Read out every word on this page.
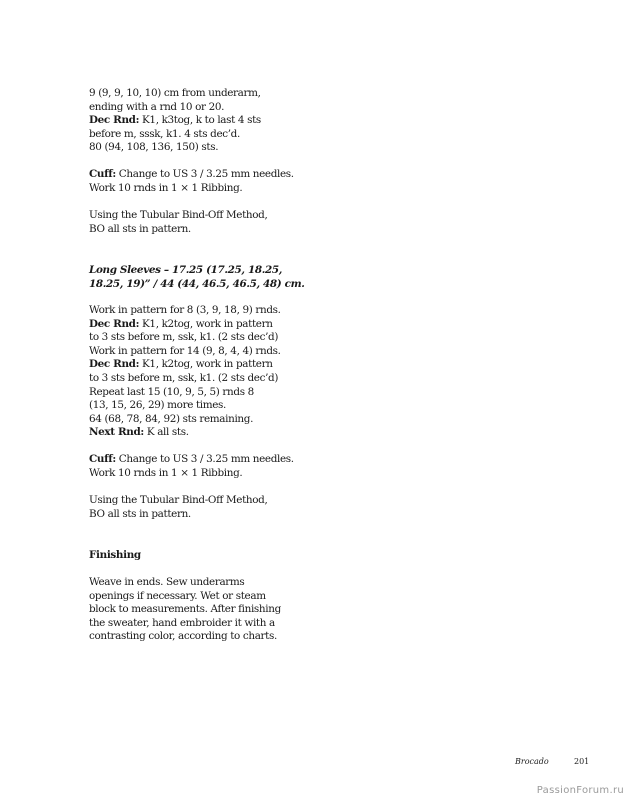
9 (9, 9, 10, 10) cm from underarm,
ending with a rnd 10 or 20.
Dec Rnd: K1, k3tog, k to last 4 sts
before m, sssk, k1. 4 sts dec’d.
80 (94, 108, 136, 150) sts.
Cuff: Change to US 3 / 3.25 mm needles.
Work 10 rnds in 1 × 1 Ribbing.
Using the Tubular Bind-Off Method,
BO all sts in pattern.
Long Sleeves – 17.25 (17.25, 18.25,
18.25, 19)” / 44 (44, 46.5, 46.5, 48) cm.
Work in pattern for 8 (3, 9, 18, 9) rnds.
Dec Rnd: K1, k2tog, work in pattern
to 3 sts before m, ssk, k1. (2 sts dec’d)
Work in pattern for 14 (9, 8, 4, 4) rnds.
Dec Rnd: K1, k2tog, work in pattern
to 3 sts before m, ssk, k1. (2 sts dec’d)
Repeat last 15 (10, 9, 5, 5) rnds 8
(13, 15, 26, 29) more times.
64 (68, 78, 84, 92) sts remaining.
Next Rnd: K all sts.
Cuff: Change to US 3 / 3.25 mm needles.
Work 10 rnds in 1 × 1 Ribbing.
Using the Tubular Bind-Off Method,
BO all sts in pattern.
Finishing
Weave in ends. Sew underarms
openings if necessary. Wet or steam
block to measurements. After finishing
the sweater, hand embroider it with a
contrasting color, according to charts.
Brocado	201
PassionForum.ru
